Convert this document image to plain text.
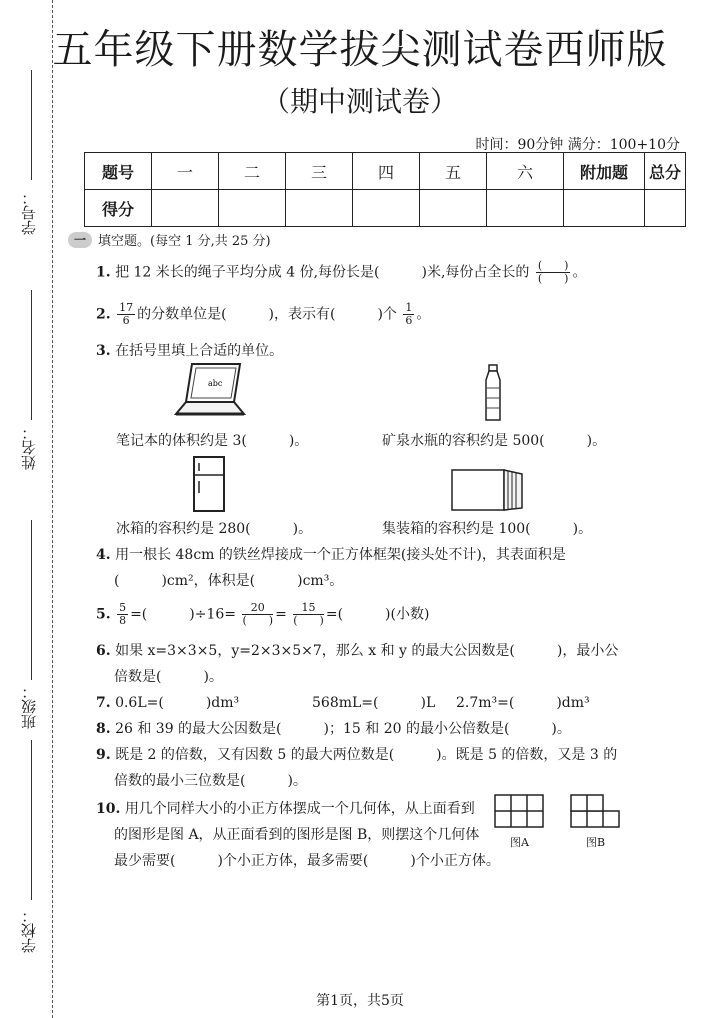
五年级下册数学拔尖测试卷西师版
（期中测试卷）
时间：90分钟 满分：100+10分
题号	一	二	三	四	五	六	附加题	总分
得分								
学号：
姓名：
班级：
学校：
一 填空题。(每空 1 分,共 25 分)
1. 把 12 米长的绳子平均分成 4 份,每份长是(　　　)米,每份占全长的 $\frac{( )}{( )}$ 。
2. $\frac{17}{6}$ 的分数单位是(　　　)，表示有(　　　)个 $\frac{1}{6}$ 。
3. 在括号里填上合适的单位。
abc
笔记本的体积约是 3(　　　)。	矿泉水瓶的容积约是 500(　　　)。
冰箱的容积约是 280(　　　)。	集装箱的容积约是 100(　　　)。
4. 用一根长 48cm 的铁丝焊接成一个正方体框架(接头处不计)，其表面积是
(　　　)cm²，体积是(　　　)cm³。
5. $\frac{5}{8}$ =(　　　)$\div 16= \frac{20}{( )} = \frac{15}{( )}$ =(　　　)(小数)
6. 如果 x=3×3×5，y=2×3×5×7，那么 x 和 y 的最大公因数是(　　　)，最小公
倍数是(　　　)。
7. 0.6L=(　　　)dm³	568mL=(　　　)L 2.7m³=(　　　)dm³
8. 26 和 39 的最大公因数是(　　　)；15 和 20 的最小公倍数是(　　　)。
9. 既是 2 的倍数，又有因数 5 的最大两位数是(　　　)。既是 5 的倍数，又是 3 的
倍数的最小三位数是(　　　)。
10. 用几个同样大小的小正方体摆成一个几何体，从上面看到
的图形是图 A，从正面看到的图形是图 B，则摆这个几何体
最少需要(　　　)个小正方体，最多需要(　　　)个小正方体。
图A	图B
第1页，共5页
